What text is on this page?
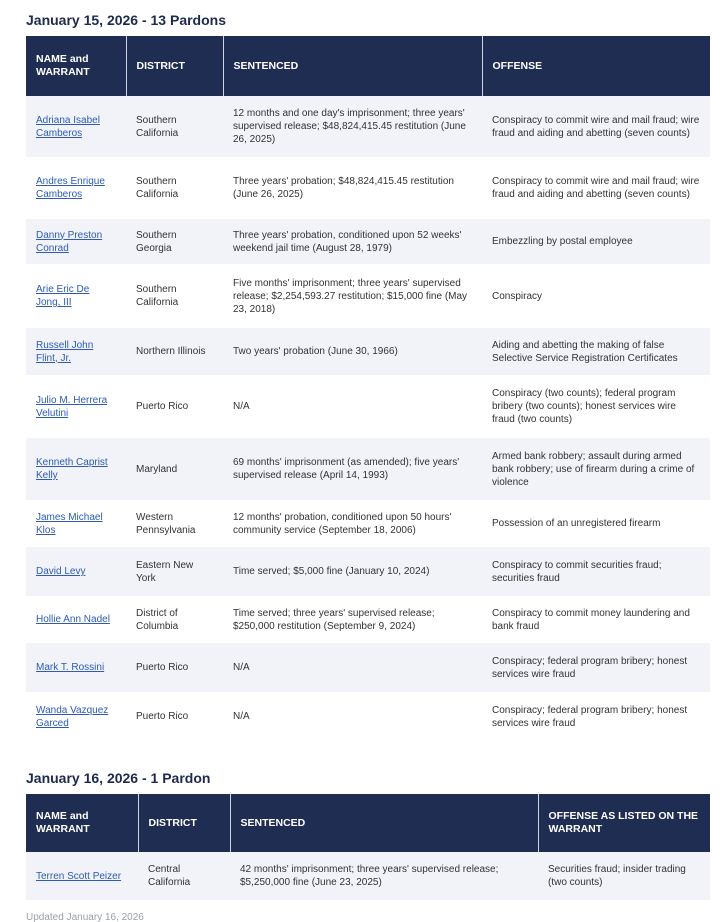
January 15, 2026 - 13 Pardons
NAME and WARRANT	DISTRICT	SENTENCED	OFFENSE
Adriana Isabel Camberos	Southern California	12 months and one day's imprisonment; three years' supervised release; $48,824,415.45 restitution (June 26, 2025)	Conspiracy to commit wire and mail fraud; wire fraud and aiding and abetting (seven counts)
Andres Enrique Camberos	Southern California	Three years' probation; $48,824,415.45 restitution (June 26, 2025)	Conspiracy to commit wire and mail fraud; wire fraud and aiding and abetting (seven counts)
Danny Preston Conrad	Southern Georgia	Three years' probation, conditioned upon 52 weeks' weekend jail time (August 28, 1979)	Embezzling by postal employee
Arie Eric De Jong, III	Southern California	Five months' imprisonment; three years' supervised release; $2,254,593.27 restitution; $15,000 fine (May 23, 2018)	Conspiracy
Russell John Flint, Jr.	Northern Illinois	Two years' probation (June 30, 1966)	Aiding and abetting the making of false Selective Service Registration Certificates
Julio M. Herrera Velutini	Puerto Rico	N/A	Conspiracy (two counts); federal program bribery (two counts); honest services wire fraud (two counts)
Kenneth Caprist Kelly	Maryland	69 months' imprisonment (as amended); five years' supervised release (April 14, 1993)	Armed bank robbery; assault during armed bank robbery; use of firearm during a crime of violence
James Michael Klos	Western Pennsylvania	12 months' probation, conditioned upon 50 hours' community service (September 18, 2006)	Possession of an unregistered firearm
David Levy	Eastern New York	Time served; $5,000 fine (January 10, 2024)	Conspiracy to commit securities fraud; securities fraud
Hollie Ann Nadel	District of Columbia	Time served; three years' supervised release; $250,000 restitution (September 9, 2024)	Conspiracy to commit money laundering and bank fraud
Mark T. Rossini	Puerto Rico	N/A	Conspiracy; federal program bribery; honest services wire fraud
Wanda Vazquez Garced	Puerto Rico	N/A	Conspiracy; federal program bribery; honest services wire fraud
January 16, 2026 - 1 Pardon
NAME and WARRANT	DISTRICT	SENTENCED	OFFENSE AS LISTED ON THE WARRANT
Terren Scott Peizer	Central California	42 months' imprisonment; three years' supervised release; $5,250,000 fine (June 23, 2025)	Securities fraud; insider trading (two counts)
Updated January 16, 2026
